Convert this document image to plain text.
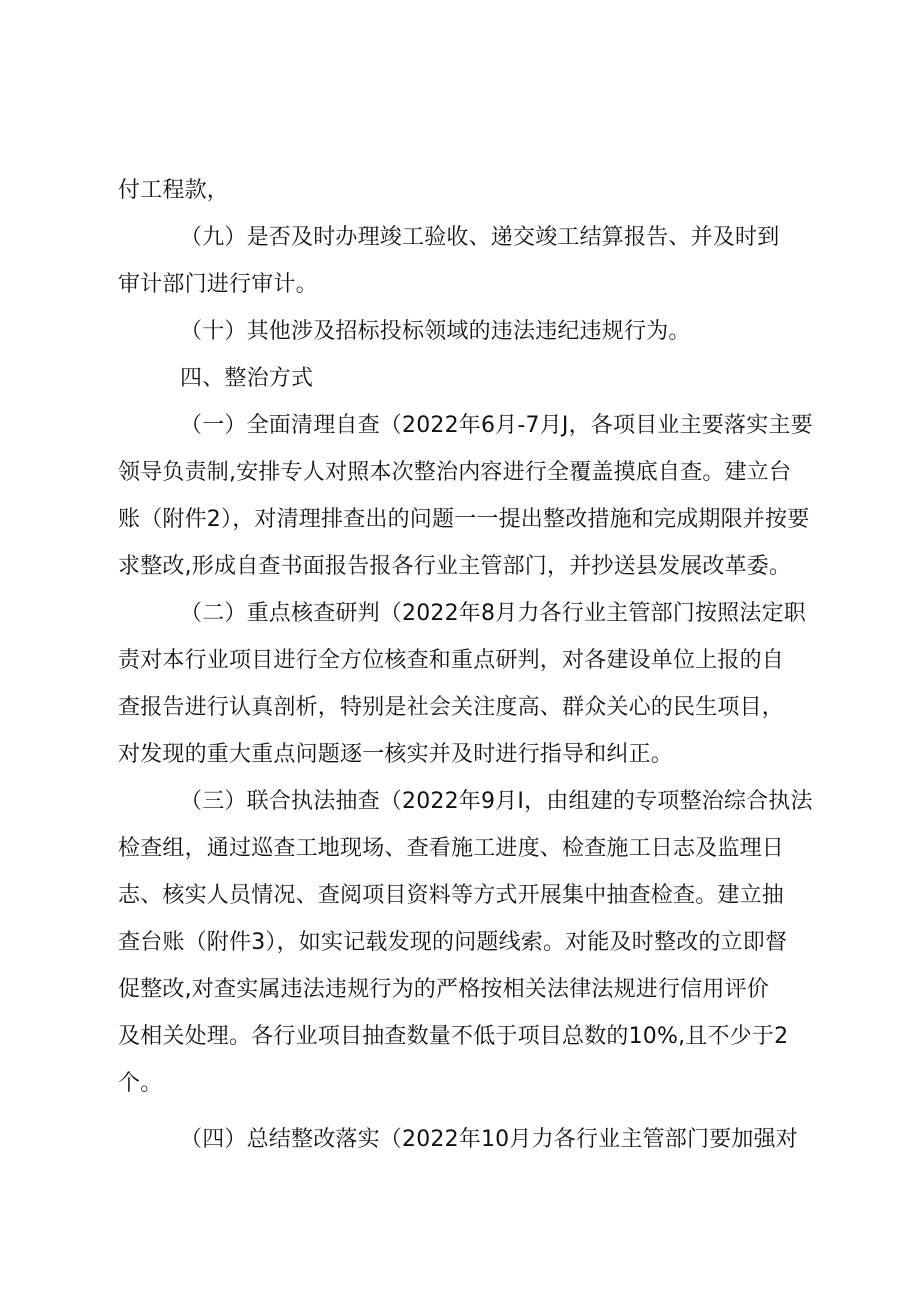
付工程款，
（九）是否及时办理竣工验收、递交竣工结算报告、并及时到
审计部门进行审计。
（十）其他涉及招标投标领域的违法违纪违规行为。
四、整治方式
（一）全面清理自查（2022年6月-7月J，各项目业主要落实主要
领导负责制,安排专人对照本次整治内容进行全覆盖摸底自查。建立台
账（附件2），对清理排查出的问题一一提出整改措施和完成期限并按要
求整改,形成自查书面报告报各行业主管部门，并抄送县发展改革委。
（二）重点核查研判（2022年8月力各行业主管部门按照法定职
责对本行业项目进行全方位核查和重点研判，对各建设单位上报的自
查报告进行认真剖析，特别是社会关注度高、群众关心的民生项目，
对发现的重大重点问题逐一核实并及时进行指导和纠正。
（三）联合执法抽查（2022年9月I，由组建的专项整治综合执法
检查组，通过巡查工地现场、查看施工进度、检查施工日志及监理日
志、核实人员情况、查阅项目资料等方式开展集中抽查检查。建立抽
查台账（附件3），如实记载发现的问题线索。对能及时整改的立即督
促整改,对查实属违法违规行为的严格按相关法律法规进行信用评价
及相关处理。各行业项目抽查数量不低于项目总数的10%,且不少于2
个。
（四）总结整改落实（2022年10月力各行业主管部门要加强对
